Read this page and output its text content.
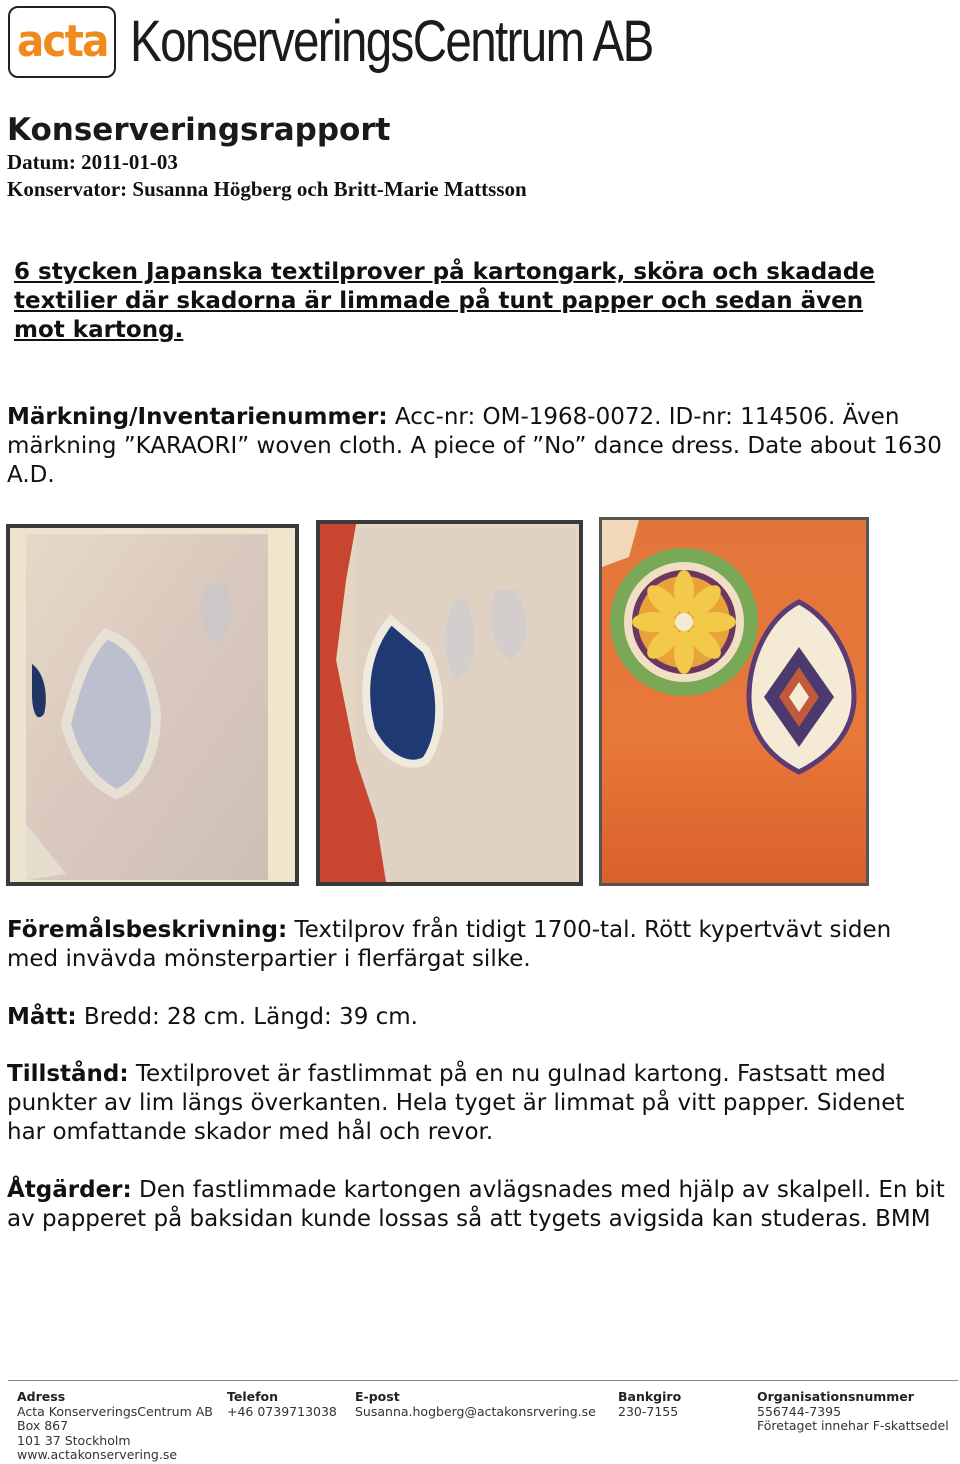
acta KonserveringsCentrum AB
Konserveringsrapport
Datum: 2011-01-03
Konservator: Susanna Högberg och Britt-Marie Mattsson
6 stycken Japanska textilprover på kartongark, sköra och skadade textilier där skadorna är limmade på tunt papper och sedan även mot kartong.
Märkning/Inventarienummer: Acc-nr: OM-1968-0072. ID-nr: 114506. Även märkning ”KARAORI” woven cloth. A piece of ”No” dance dress. Date about 1630 A.D.
Föremålsbeskrivning: Textilprov från tidigt 1700-tal. Rött kypertvävt siden med invävda mönsterpartier i flerfärgat silke.
Mått: Bredd: 28 cm. Längd: 39 cm.
Tillstånd: Textilprovet är fastlimmat på en nu gulnad kartong. Fastsatt med punkter av lim längs överkanten. Hela tyget är limmat på vitt papper. Sidenet har omfattande skador med hål och revor.
Åtgärder: Den fastlimmade kartongen avlägsnades med hjälp av skalpell. En bit av papperet på baksidan kunde lossas så att tygets avigsida kan studeras. BMM
Adress
Acta KonserveringsCentrum AB
Box 867
101 37 Stockholm
www.actakonservering.se
Telefon
+46 0739713038
E-post
Susanna.hogberg@actakonsrvering.se
Bankgiro
230-7155
Organisationsnummer
556744-7395
Företaget innehar F-skattsedel
